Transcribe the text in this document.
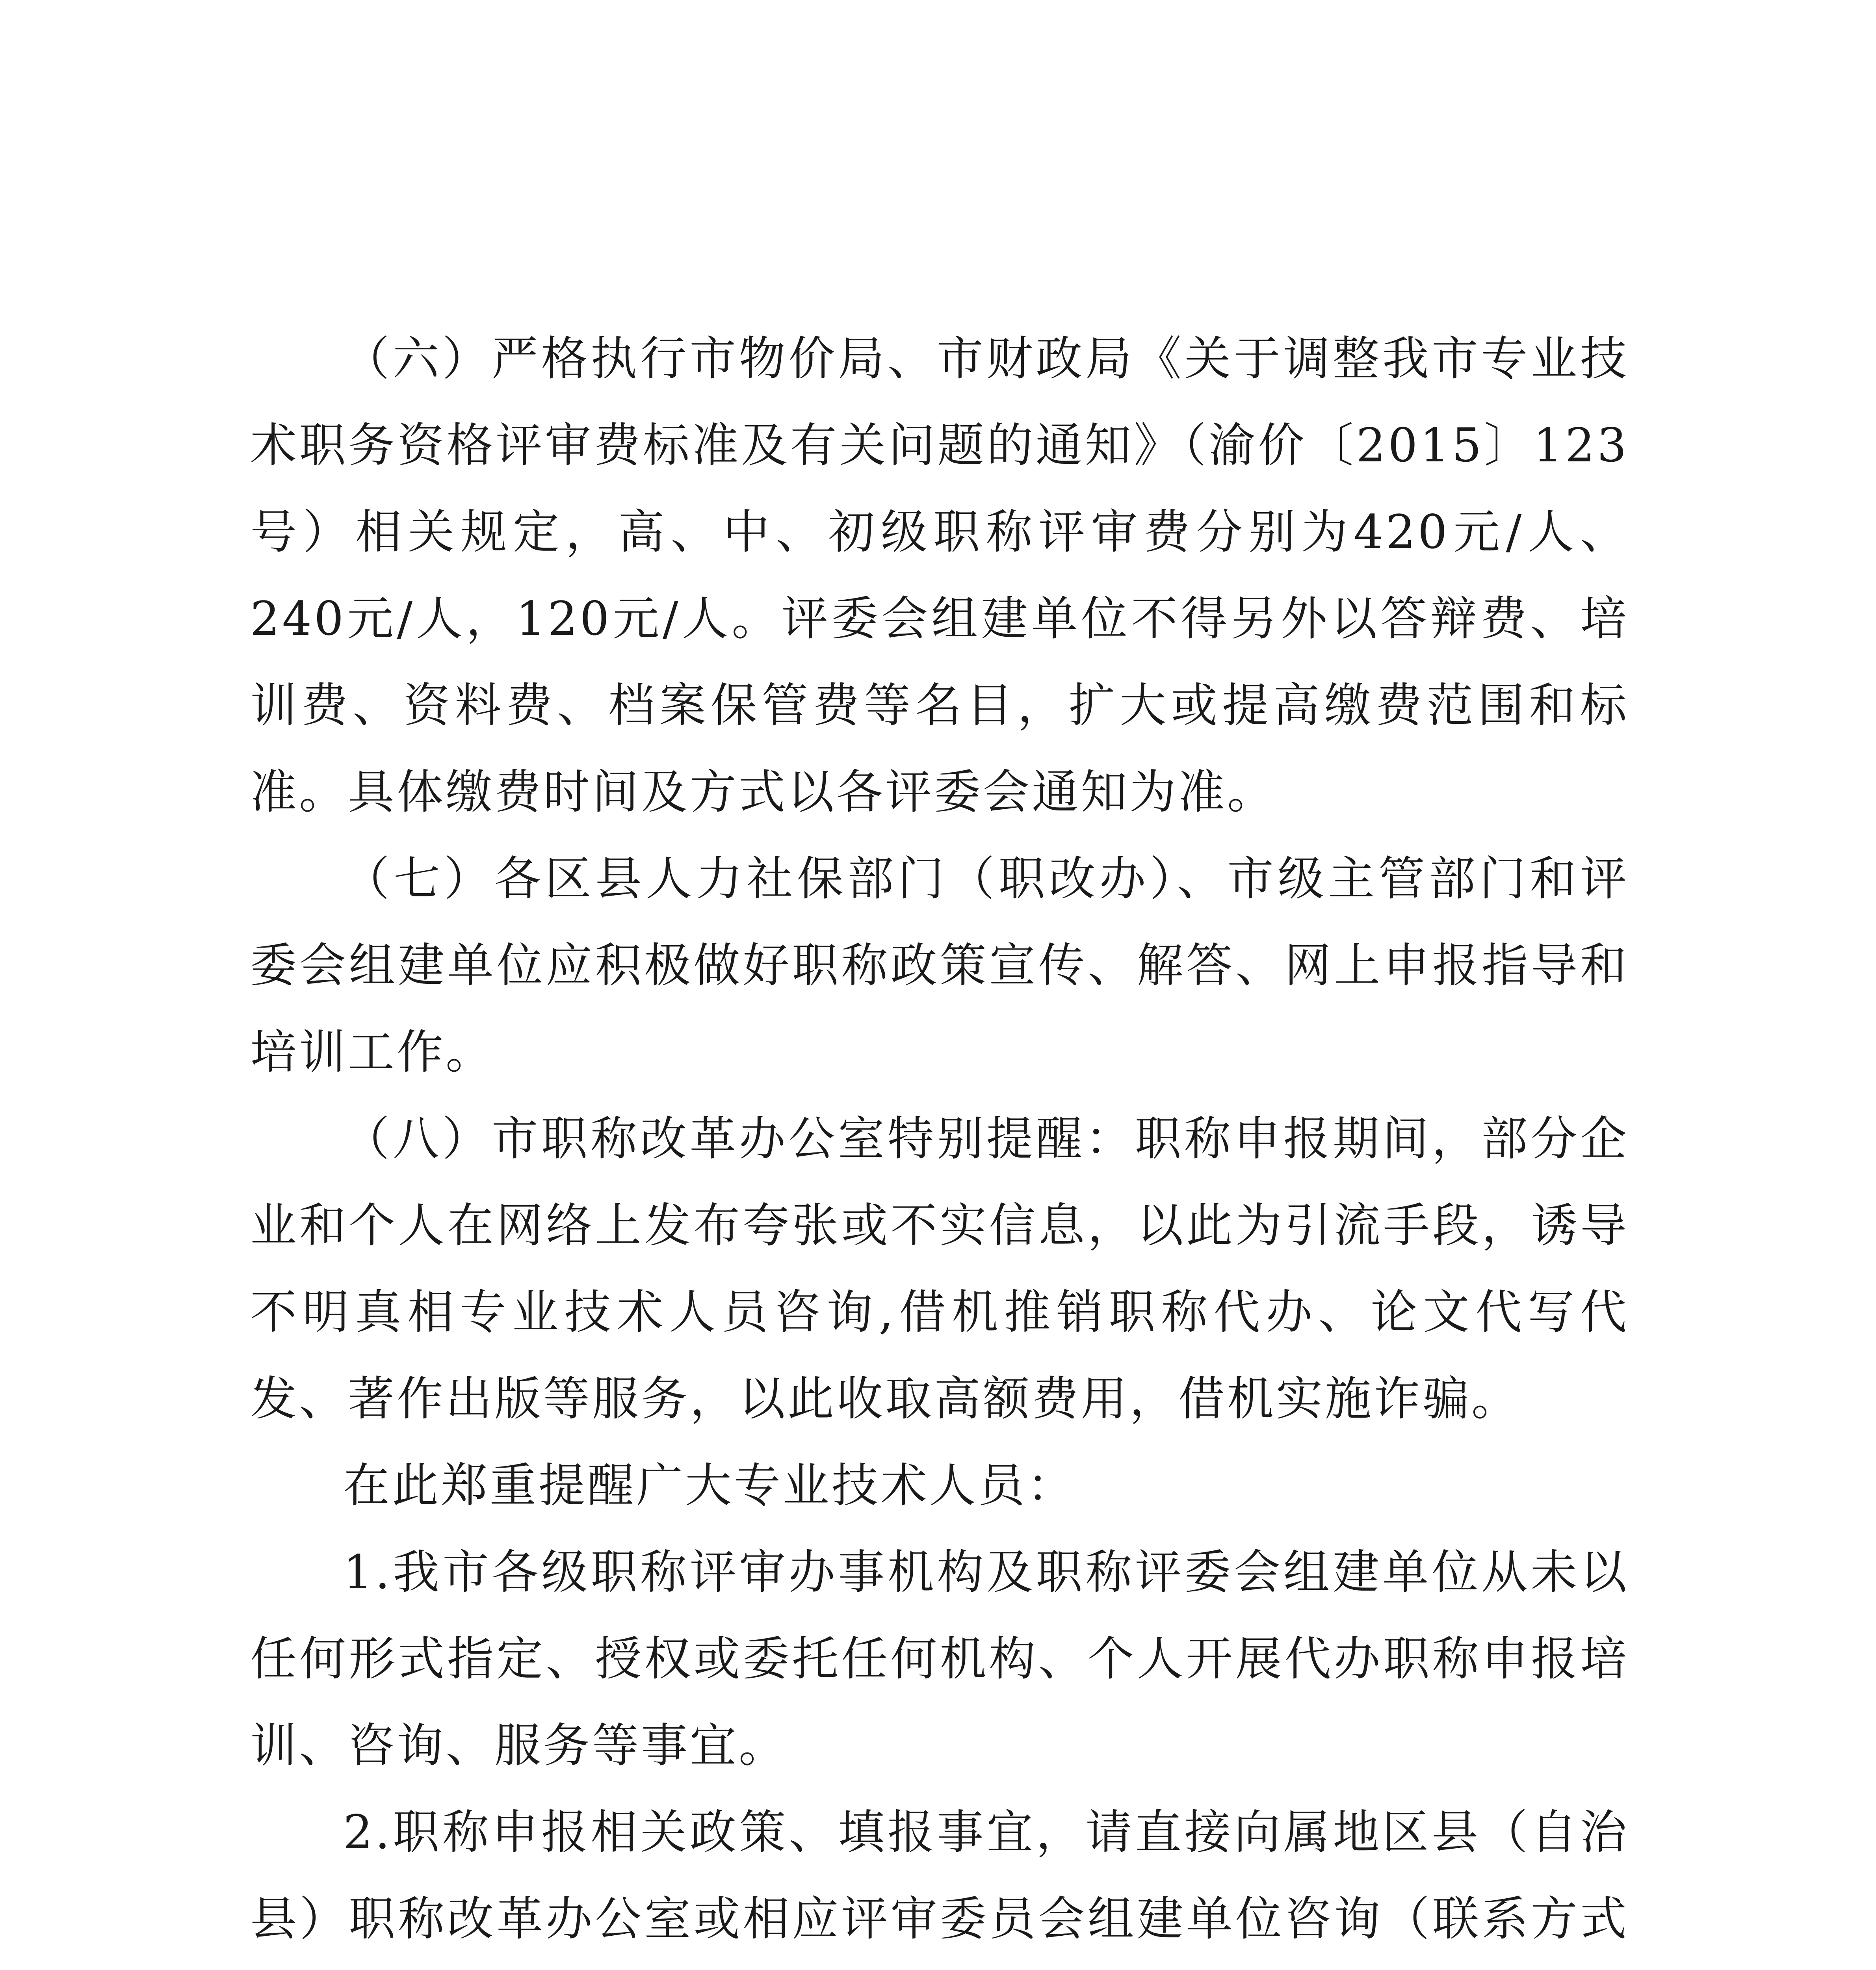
（六）严格执行市物价局、市财政局《关于调整我市专业技术职务资格评审费标准及有关问题的通知》（渝价〔2015〕123号）相关规定，高、中、初级职称评审费分别为420元/人、240元/人，120元/人。评委会组建单位不得另外以答辩费、培训费、资料费、档案保管费等名目，扩大或提高缴费范围和标准。具体缴费时间及方式以各评委会通知为准。

（七）各区县人力社保部门（职改办）、市级主管部门和评委会组建单位应积极做好职称政策宣传、解答、网上申报指导和培训工作。

（八）市职称改革办公室特别提醒：职称申报期间，部分企业和个人在网络上发布夸张或不实信息，以此为引流手段，诱导不明真相专业技术人员咨询,借机推销职称代办、论文代写代发、著作出版等服务，以此收取高额费用，借机实施诈骗。

在此郑重提醒广大专业技术人员：

1.我市各级职称评审办事机构及职称评委会组建单位从未以任何形式指定、授权或委托任何机构、个人开展代办职称申报培训、咨询、服务等事宜。

2.职称申报相关政策、填报事宜，请直接向属地区县（自治县）职称改革办公室或相应评审委员会组建单位咨询（联系方式
